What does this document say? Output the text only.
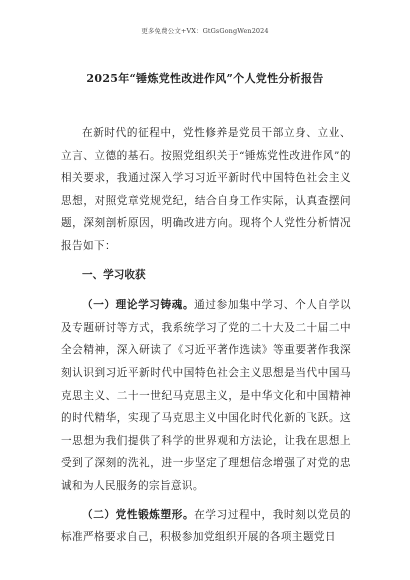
更多免费公文+VX：GtGsGongWen2024
2025年“锤炼党性改进作风”个人党性分析报告

在新时代的征程中，党性修养是党员干部立身、立业、立言、立德的基石。按照党组织关于“锤炼党性改进作风”的相关要求，我通过深入学习习近平新时代中国特色社会主义思想，对照党章党规党纪，结合自身工作实际，认真查摆问题，深刻剖析原因，明确改进方向。现将个人党性分析情况报告如下：

一、学习收获

（一）理论学习铸魂。通过参加集中学习、个人自学以及专题研讨等方式，我系统学习了党的二十大及二十届二中全会精神，深入研读了《习近平著作选读》等重要著作我深刻认识到习近平新时代中国特色社会主义思想是当代中国马克思主义、二十一世纪马克思主义，是中华文化和中国精神的时代精华，实现了马克思主义中国化时代化新的飞跃。这一思想为我们提供了科学的世界观和方法论，让我在思想上受到了深刻的洗礼，进一步坚定了理想信念增强了对党的忠诚和为人民服务的宗旨意识。

（二）党性锻炼塑形。在学习过程中，我时刻以党员的标准严格要求自己，积极参加党组织开展的各项主题党日
